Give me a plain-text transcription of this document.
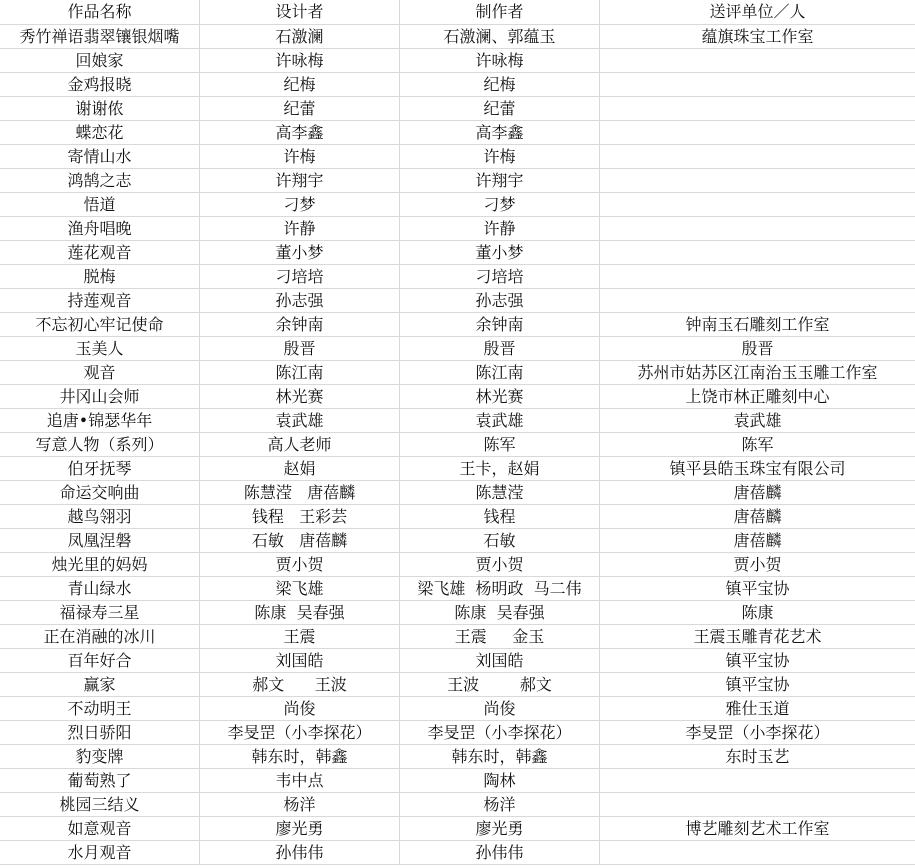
作品名称	设计者	制作者	送评单位／人
秀竹禅语翡翠镶银烟嘴	石激澜	石激澜、郭蕴玉	蕴旗珠宝工作室
回娘家	许咏梅	许咏梅
金鸡报晓	纪梅	纪梅
谢谢侬	纪蕾	纪蕾
蝶恋花	高李鑫	高李鑫
寄情山水	许梅	许梅
鸿鹄之志	许翔宇	许翔宇
悟道	刁梦	刁梦
渔舟唱晚	许静	许静
莲花观音	董小梦	董小梦
脱梅	刁培培	刁培培
持莲观音	孙志强	孙志强
不忘初心牢记使命	余钟南	余钟南	钟南玉石雕刻工作室
玉美人	殷晋	殷晋	殷晋
观音	陈江南	陈江南	苏州市姑苏区江南治玉玉雕工作室
井冈山会师	林光赛	林光赛	上饶市林正雕刻中心
追唐•锦瑟华年	袁武雄	袁武雄	袁武雄
写意人物（系列）	高人老师	陈军	陈军
伯牙抚琴	赵娟	王卡，赵娟	镇平县皓玉珠宝有限公司
命运交响曲	陈慧滢   唐蓓麟	陈慧滢	唐蓓麟
越鸟翎羽	钱程   王彩芸	钱程	唐蓓麟
凤凰涅磐	石敏   唐蓓麟	石敏	唐蓓麟
烛光里的妈妈	贾小贺	贾小贺	贾小贺
青山绿水	梁飞雄	梁飞雄  杨明政  马二伟	镇平宝协
福禄寿三星	陈康  吴春强	陈康  吴春强	陈康
正在消融的冰川	王震	王震     金玉	王震玉雕青花艺术
百年好合	刘国皓	刘国皓	镇平宝协
赢家	郝文      王波	王波        郝文	镇平宝协
不动明王	尚俊	尚俊	雅仕玉道
烈日骄阳	李旻罡（小李探花）	李旻罡（小李探花）	李旻罡（小李探花）
豹变牌	韩东时，韩鑫	韩东时，韩鑫	东时玉艺
葡萄熟了	韦中点	陶林
桃园三结义	杨洋	杨洋
如意观音	廖光勇	廖光勇	博艺雕刻艺术工作室
水月观音	孙伟伟	孙伟伟
